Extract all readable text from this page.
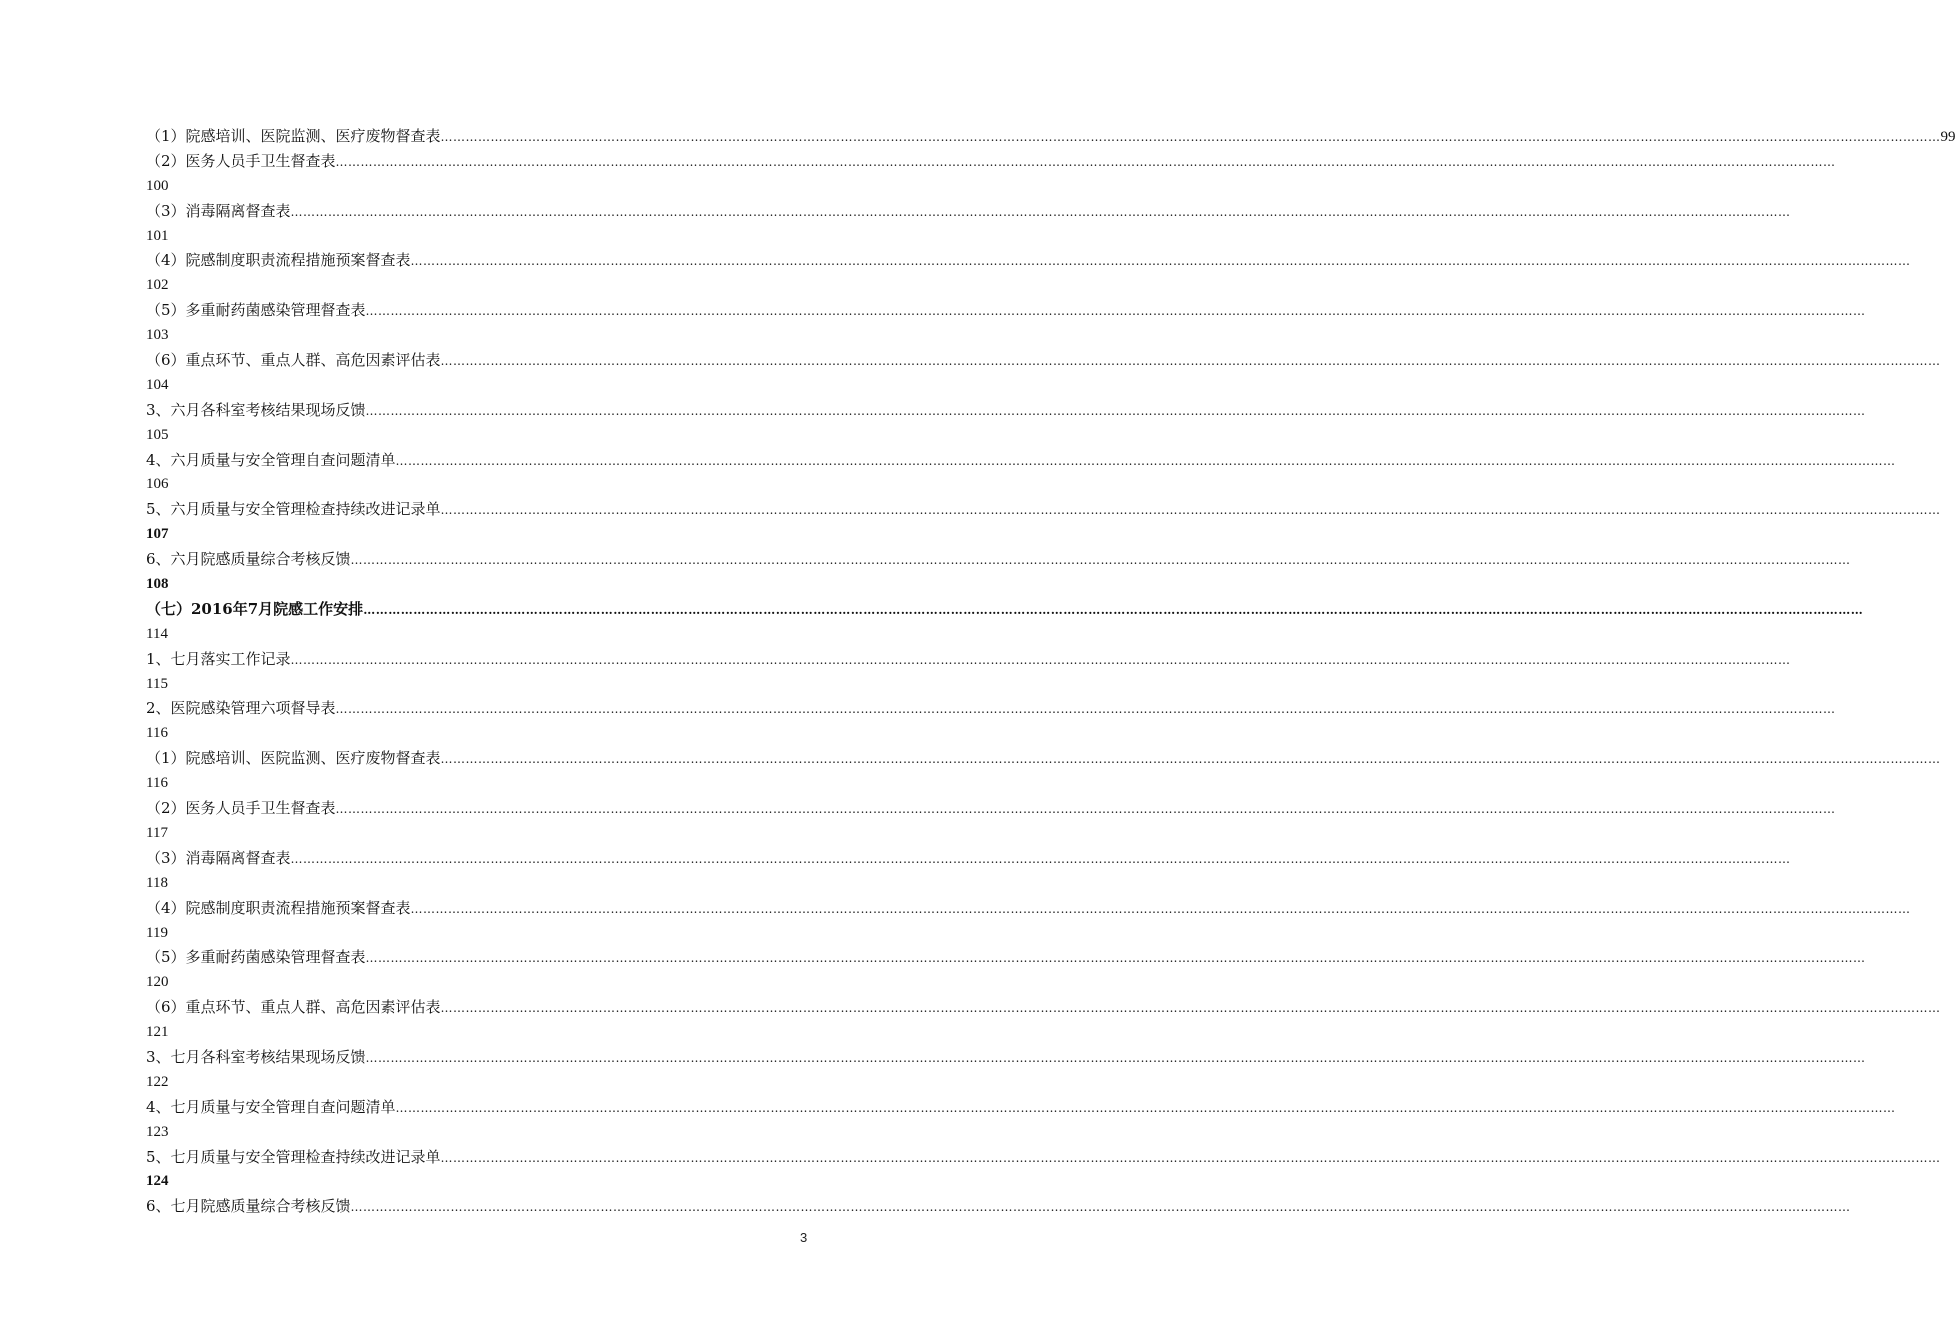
（1）院感培训、医院监测、医疗废物督查表 ……………………………………………………………………………………………………………………………………………………………………………………………………………………………………………………………………………………………………………………………… 99
（2）医务人员手卫生督查表 ………………………………………………………………………………………………………………………………………………………………………………………………………………………………………………………………………………………………………………………………
100
（3）消毒隔离督查表 ………………………………………………………………………………………………………………………………………………………………………………………………………………………………………………………………………………………………………………………………
101
（4）院感制度职责流程措施预案督查表 ………………………………………………………………………………………………………………………………………………………………………………………………………………………………………………………………………………………………………………………………
102
（5）多重耐药菌感染管理督查表 ………………………………………………………………………………………………………………………………………………………………………………………………………………………………………………………………………………………………………………………………
103
（6）重点环节、重点人群、高危因素评估表 ………………………………………………………………………………………………………………………………………………………………………………………………………………………………………………………………………………………………………………………………
104
3、六月各科室考核结果现场反馈 ………………………………………………………………………………………………………………………………………………………………………………………………………………………………………………………………………………………………………………………………
105
4、六月质量与安全管理自查问题清单 ………………………………………………………………………………………………………………………………………………………………………………………………………………………………………………………………………………………………………………………………
106
5、六月质量与安全管理检查持续改进记录单 ………………………………………………………………………………………………………………………………………………………………………………………………………………………………………………………………………………………………………………………………
107
6、六月院感质量综合考核反馈 ………………………………………………………………………………………………………………………………………………………………………………………………………………………………………………………………………………………………………………………………
108
（七）2016年7月院感工作安排 ………………………………………………………………………………………………………………………………………………………………………………………………………………………………………………………………………………………………………………………………
114
1、七月落实工作记录 ………………………………………………………………………………………………………………………………………………………………………………………………………………………………………………………………………………………………………………………………
115
2、医院感染管理六项督导表 ………………………………………………………………………………………………………………………………………………………………………………………………………………………………………………………………………………………………………………………………
116
（1）院感培训、医院监测、医疗废物督查表 ………………………………………………………………………………………………………………………………………………………………………………………………………………………………………………………………………………………………………………………………
116
（2）医务人员手卫生督查表 ………………………………………………………………………………………………………………………………………………………………………………………………………………………………………………………………………………………………………………………………
117
（3）消毒隔离督查表 ………………………………………………………………………………………………………………………………………………………………………………………………………………………………………………………………………………………………………………………………
118
（4）院感制度职责流程措施预案督查表 ………………………………………………………………………………………………………………………………………………………………………………………………………………………………………………………………………………………………………………………………
119
（5）多重耐药菌感染管理督查表 ………………………………………………………………………………………………………………………………………………………………………………………………………………………………………………………………………………………………………………………………
120
（6）重点环节、重点人群、高危因素评估表 ………………………………………………………………………………………………………………………………………………………………………………………………………………………………………………………………………………………………………………………………
121
3、七月各科室考核结果现场反馈 ………………………………………………………………………………………………………………………………………………………………………………………………………………………………………………………………………………………………………………………………
122
4、七月质量与安全管理自查问题清单 ………………………………………………………………………………………………………………………………………………………………………………………………………………………………………………………………………………………………………………………………
123
5、七月质量与安全管理检查持续改进记录单 ………………………………………………………………………………………………………………………………………………………………………………………………………………………………………………………………………………………………………………………………
124
6、七月院感质量综合考核反馈 ………………………………………………………………………………………………………………………………………………………………………………………………………………………………………………………………………………………………………………………………
3
